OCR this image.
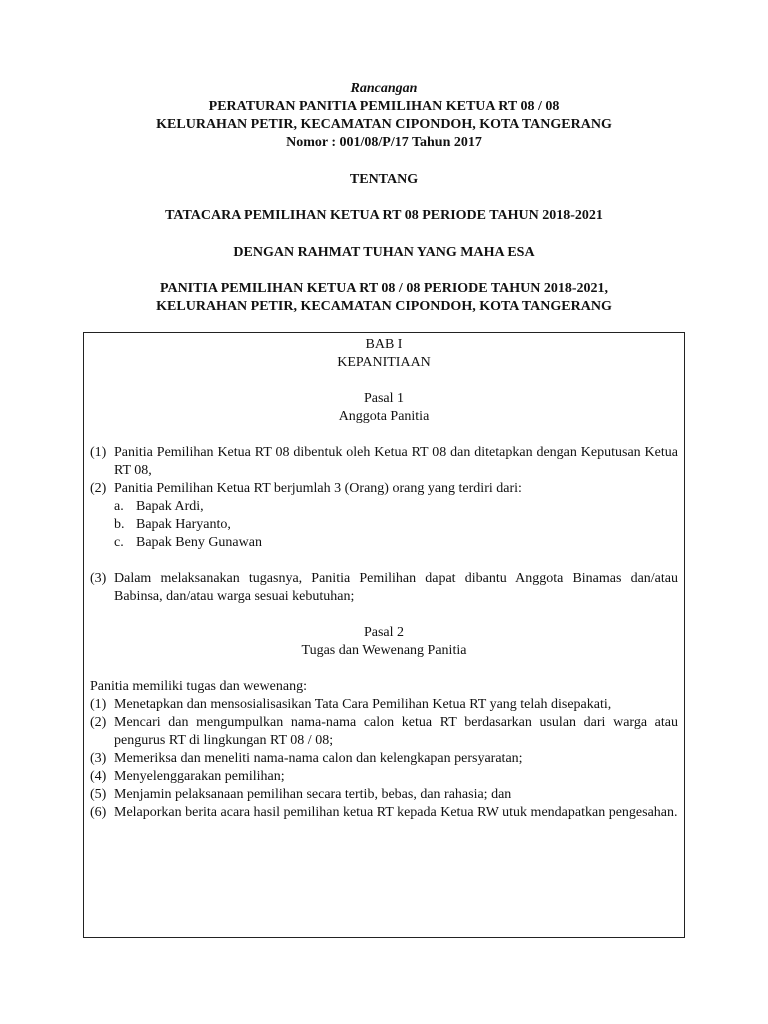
Rancangan
PERATURAN PANITIA PEMILIHAN KETUA RT 08 / 08
KELURAHAN PETIR, KECAMATAN CIPONDOH, KOTA TANGERANG
Nomor : 001/08/P/17 Tahun 2017
TENTANG
TATACARA PEMILIHAN KETUA RT 08 PERIODE TAHUN 2018-2021
DENGAN RAHMAT TUHAN YANG MAHA ESA
PANITIA PEMILIHAN KETUA RT 08 / 08 PERIODE TAHUN 2018-2021,
KELURAHAN PETIR, KECAMATAN CIPONDOH, KOTA TANGERANG
BAB I
KEPANITIAAN
Pasal 1
Anggota Panitia
(1) Panitia Pemilihan Ketua RT 08 dibentuk oleh Ketua RT 08 dan ditetapkan dengan Keputusan Ketua RT 08,
(2) Panitia Pemilihan Ketua RT berjumlah 3 (Orang) orang yang terdiri dari:
a. Bapak Ardi,
b. Bapak Haryanto,
c. Bapak Beny Gunawan
(3) Dalam melaksanakan tugasnya, Panitia Pemilihan dapat dibantu Anggota Binamas dan/atau Babinsa, dan/atau warga sesuai kebutuhan;
Pasal 2
Tugas dan Wewenang Panitia
Panitia memiliki tugas dan wewenang:
(1) Menetapkan dan mensosialisasikan Tata Cara Pemilihan Ketua RT yang telah disepakati,
(2) Mencari dan mengumpulkan nama-nama calon ketua RT berdasarkan usulan dari warga atau pengurus RT di lingkungan RT 08 / 08;
(3) Memeriksa dan meneliti nama-nama calon dan kelengkapan persyaratan;
(4) Menyelenggarakan pemilihan;
(5) Menjamin pelaksanaan pemilihan secara tertib, bebas, dan rahasia; dan
(6) Melaporkan berita acara hasil pemilihan ketua RT kepada Ketua RW utuk mendapatkan pengesahan.
